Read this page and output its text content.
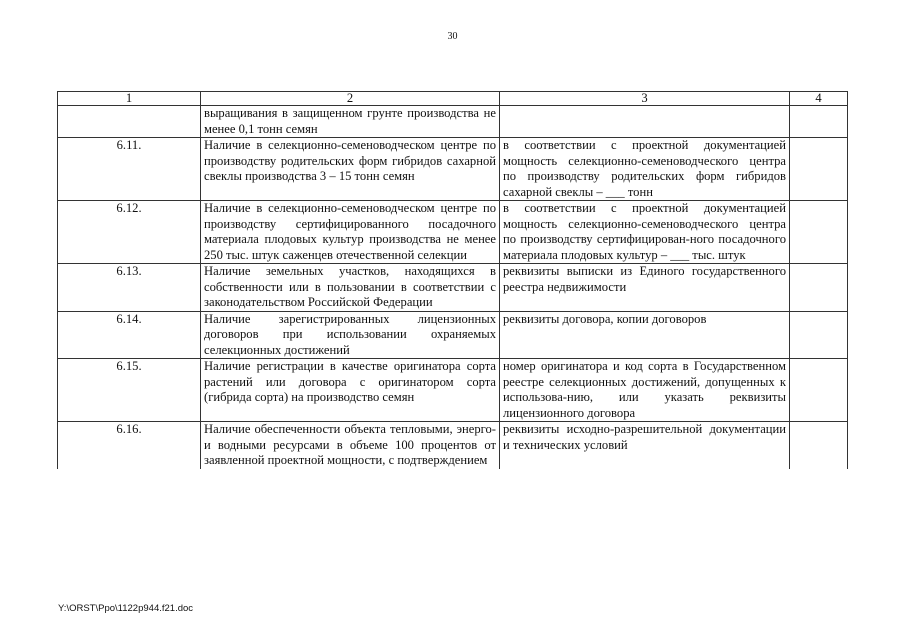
30
1	2	3	4
	выращивания в защищенном грунте производства не менее 0,1 тонн семян		
6.11.	Наличие в селекционно-семеноводческом центре по производству родительских форм гибридов сахарной свеклы производства 3 – 15 тонн семян	в соответствии с проектной документацией мощность селекционно-семеноводческого центра по производству родительских форм гибридов сахарной свеклы – ___ тонн	
6.12.	Наличие в селекционно-семеноводческом центре по производству сертифицированного посадочного материала плодовых культур производства не менее 250 тыс. штук саженцев отечественной селекции	в соответствии с проектной документацией мощность селекционно-семеноводческого центра по производству сертифицирован-ного посадочного материала плодовых культур – ___ тыс. штук	
6.13.	Наличие земельных участков, находящихся в собственности или в пользовании в соответствии с законодательством Российской Федерации	реквизиты выписки из Единого государственного реестра недвижимости	
6.14.	Наличие зарегистрированных лицензионных договоров при использовании охраняемых селекционных достижений	реквизиты договора, копии договоров	
6.15.	Наличие регистрации в качестве оригинатора сорта растений или договора с оригинатором сорта (гибрида сорта) на производство семян	номер оригинатора и код сорта в Государственном реестре селекционных достижений, допущенных к использова-нию, или указать реквизиты лицензионного договора	
6.16.	Наличие обеспеченности объекта тепловыми, энерго- и водными ресурсами в объеме 100 процентов от заявленной проектной мощности, с подтверждением	реквизиты исходно-разрешительной документации и технических условий	
Y:\ORST\Ppo\1122p944.f21.doc
